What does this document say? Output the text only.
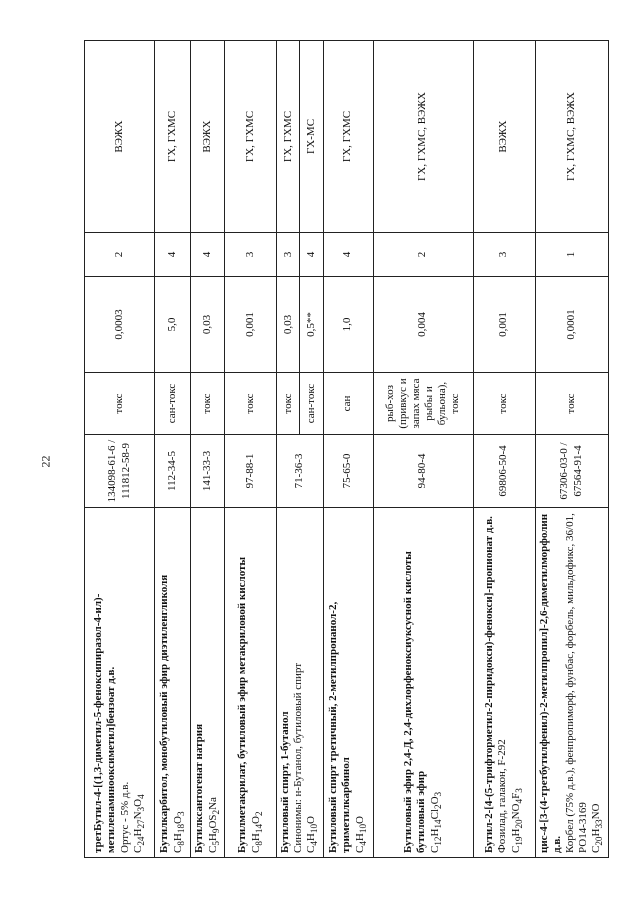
22
третБутил-4-[(1,3-диметил-5-феноксипиразол-4-ил)-метиленаминооксиметил]бензоат д.в. Ортус - 5% д.в. $C_{24}H_{27}N_3O_4$	134098-61-6 / 111812-58-9	токс	0,0003	2	ВЭЖХ

Бутилкарбитол, монобутиловый эфир диэтиленгликоля $C_8H_{18}O_3$	112-34-5	сан-токс	5,0	4	ГХ, ГХМС

Бутилксантогенат натрия $C_5H_9OS_2Na$	141-33-3	токс	0,03	4	ВЭЖХ

Бутилметакрилат, бутиловый эфир метакриловой кислоты $C_8H_{14}O_2$	97-88-1	токс	0,001	3	ГХ, ГХМС

Бутиловый спирт, 1-бутанол Синонимы: н-Бутанол, бутиловый спирт $C_4H_{10}O$	71-36-3	токс	0,03	3	ГХ, ГХМС
		сан-токс	0,5**	4	ГХ-МС

Бутиловый спирт третичный, 2-метилпропанол-2, триметилкарбинол $C_4H_{10}O$	75-65-0	сан	1,0	4	ГХ, ГХМС

Бутиловый эфир 2,4-Д, 2,4-дихлорфеноксиуксусной кислоты бутиловый эфир $C_{12}H_{14}Cl_2O_3$	94-80-4	рыб-хоз (привкус и запах мяса рыбы и бульона), токс	0,004	2	ГХ, ГХМС, ВЭЖХ

Бутил-2-[4-(5-трифторметил-2-пиридокси)-фенокси]-пропионат д.в. Фозилад, галакон, F-292 $C_{19}H_{20}NO_4F_3$	69806-50-4	токс	0,001	3	ВЭЖХ

цис-4-[3-(4-третбутилфенил)-2-метилпропил]-2,6-диметилморфолин д.в. Корбел (75% д.в.), фенпропиморф, фунбас, форбель, мильдофикс, 36/01, РО14-3169 $C_{20}H_{33}NO$	67306-03-0 / 67564-91-4	токс	0,0001	1	ГХ, ГХМС, ВЭЖХ
